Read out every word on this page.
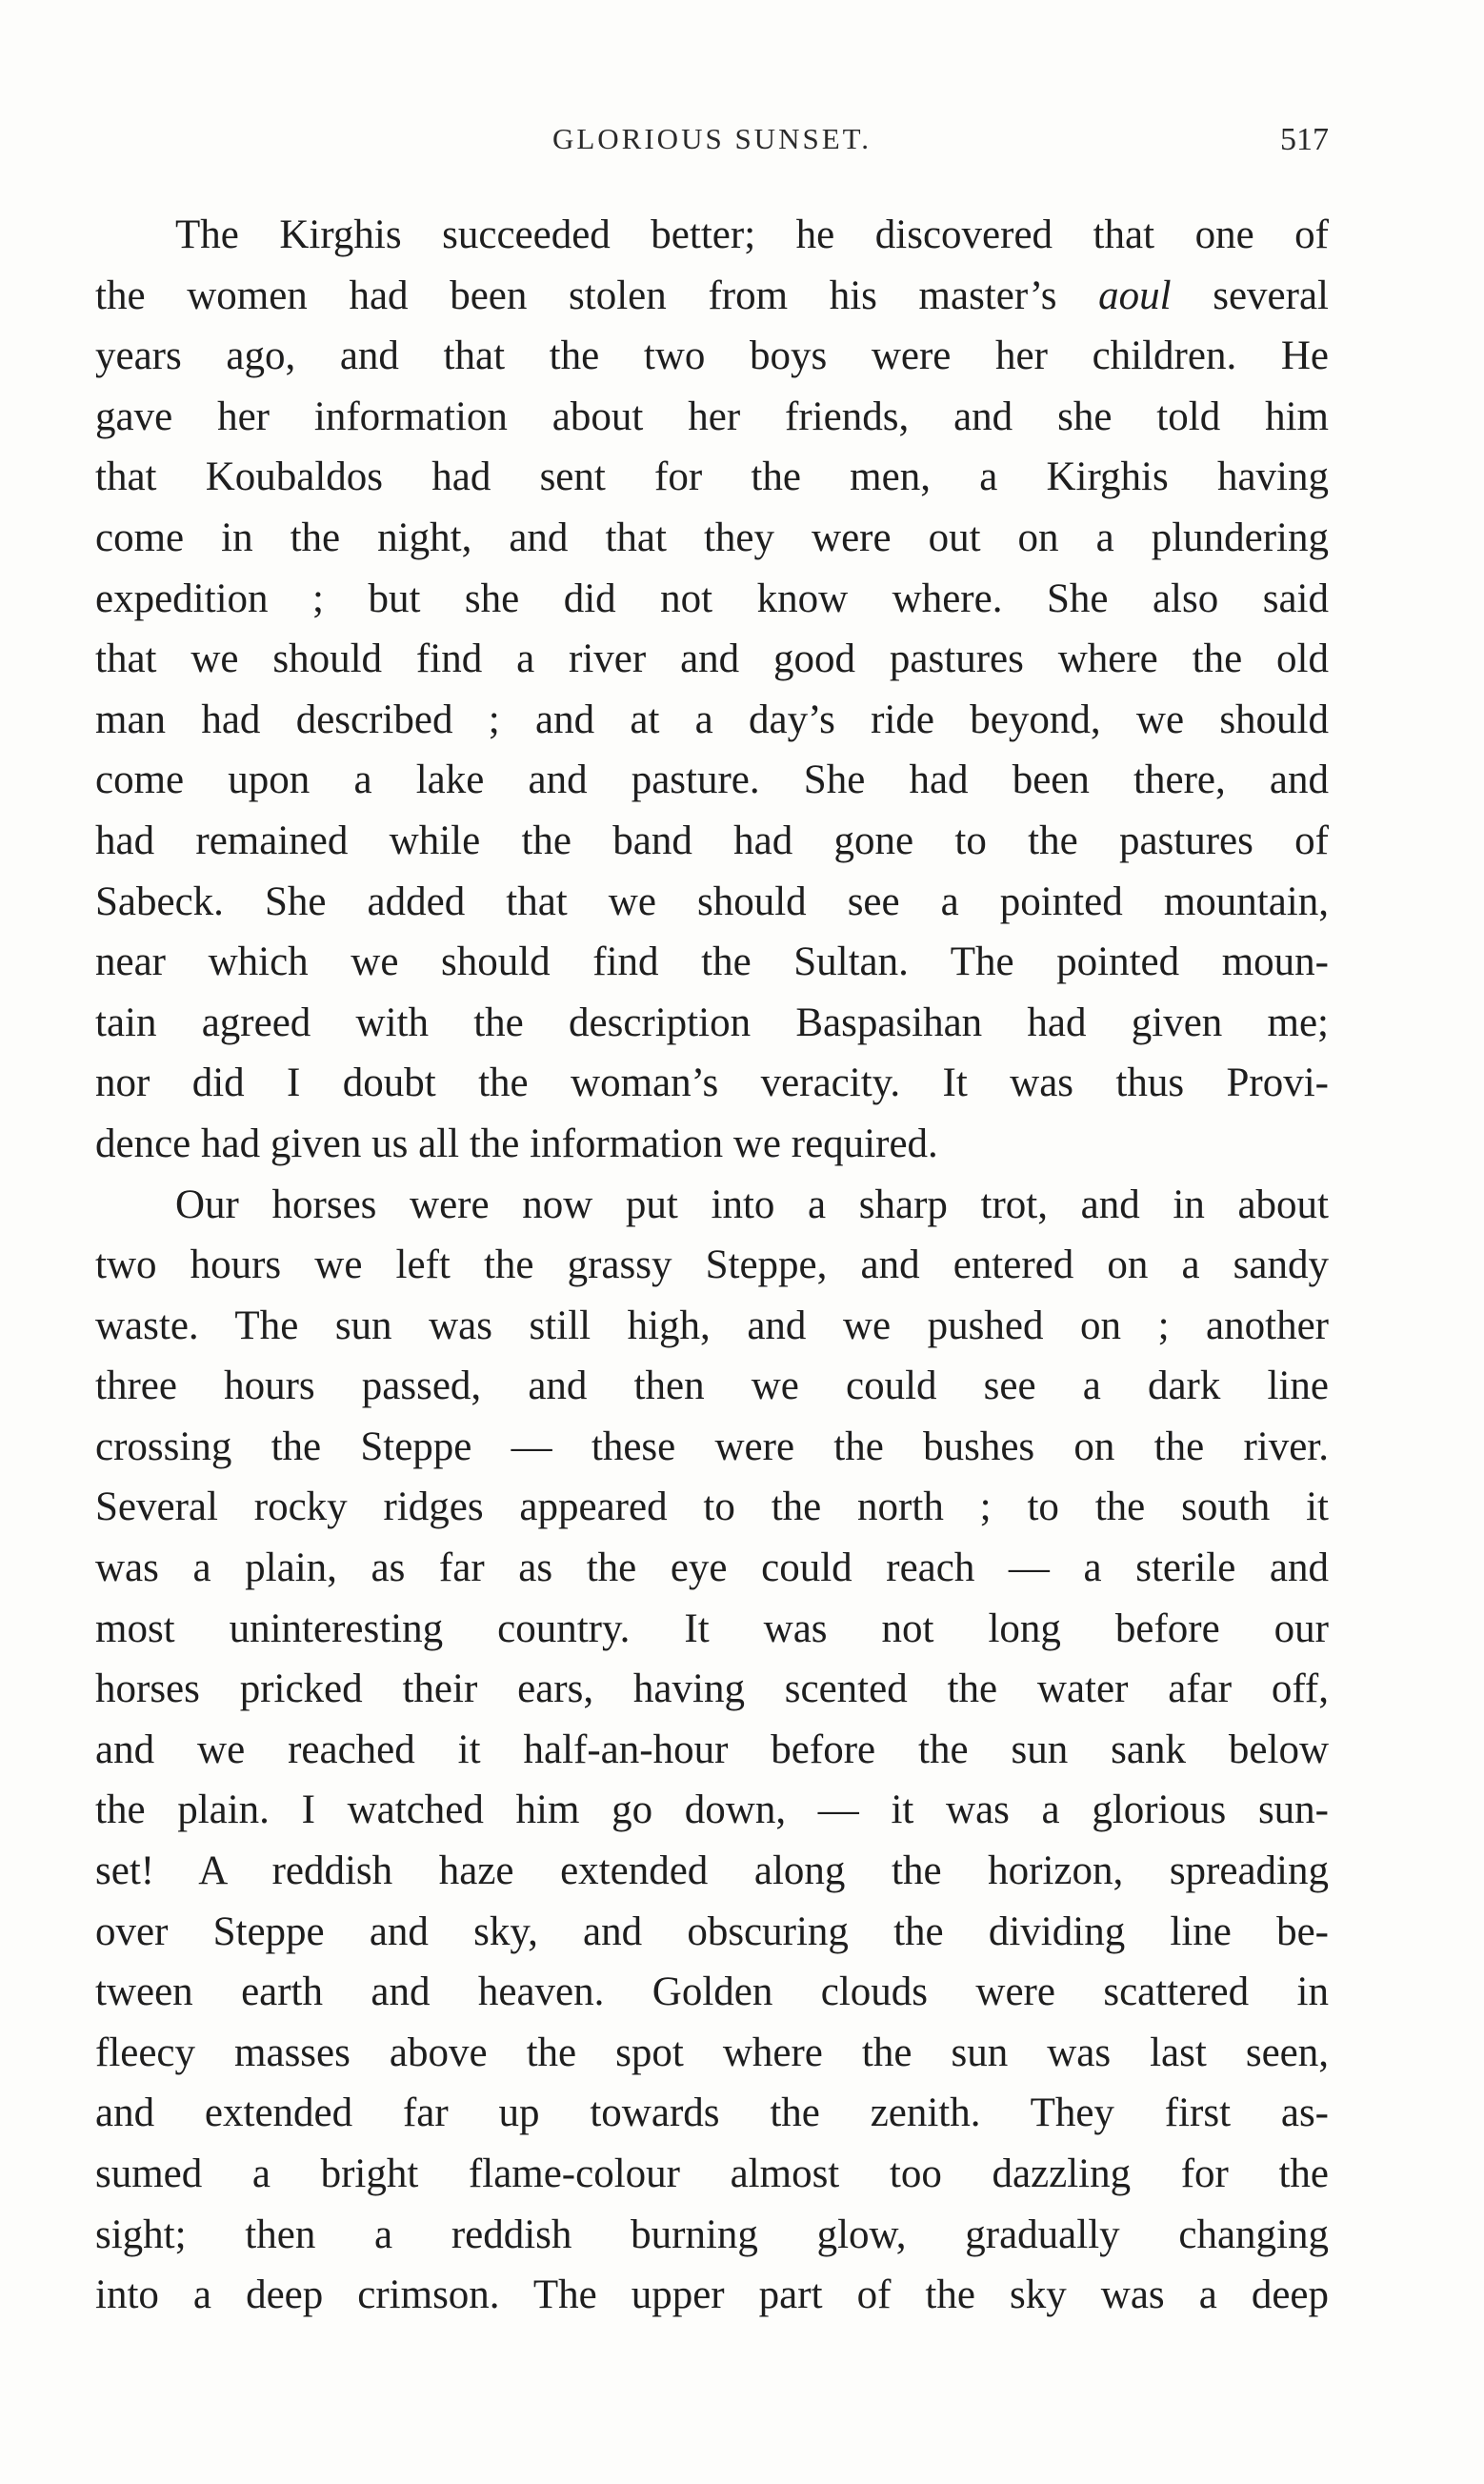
GLORIOUS SUNSET.	517
The Kirghis succeeded better; he discovered that one of
the women had been stolen from his master’s aoul several
years ago, and that the two boys were her children. He
gave her information about her friends, and she told him
that Koubaldos had sent for the men, a Kirghis having
come in the night, and that they were out on a plundering
expedition ; but she did not know where. She also said
that we should find a river and good pastures where the old
man had described ; and at a day’s ride beyond, we should
come upon a lake and pasture. She had been there, and
had remained while the band had gone to the pastures of
Sabeck. She added that we should see a pointed mountain,
near which we should find the Sultan. The pointed moun-
tain agreed with the description Baspasihan had given me;
nor did I doubt the woman’s veracity. It was thus Provi-
dence had given us all the information we required.
Our horses were now put into a sharp trot, and in about
two hours we left the grassy Steppe, and entered on a sandy
waste. The sun was still high, and we pushed on ; another
three hours passed, and then we could see a dark line
crossing the Steppe — these were the bushes on the river.
Several rocky ridges appeared to the north ; to the south it
was a plain, as far as the eye could reach — a sterile and
most uninteresting country. It was not long before our
horses pricked their ears, having scented the water afar off,
and we reached it half-an-hour before the sun sank below
the plain. I watched him go down, — it was a glorious sun-
set! A reddish haze extended along the horizon, spreading
over Steppe and sky, and obscuring the dividing line be-
tween earth and heaven. Golden clouds were scattered in
fleecy masses above the spot where the sun was last seen,
and extended far up towards the zenith. They first as-
sumed a bright flame-colour almost too dazzling for the
sight; then a reddish burning glow, gradually changing
into a deep crimson. The upper part of the sky was a deep
